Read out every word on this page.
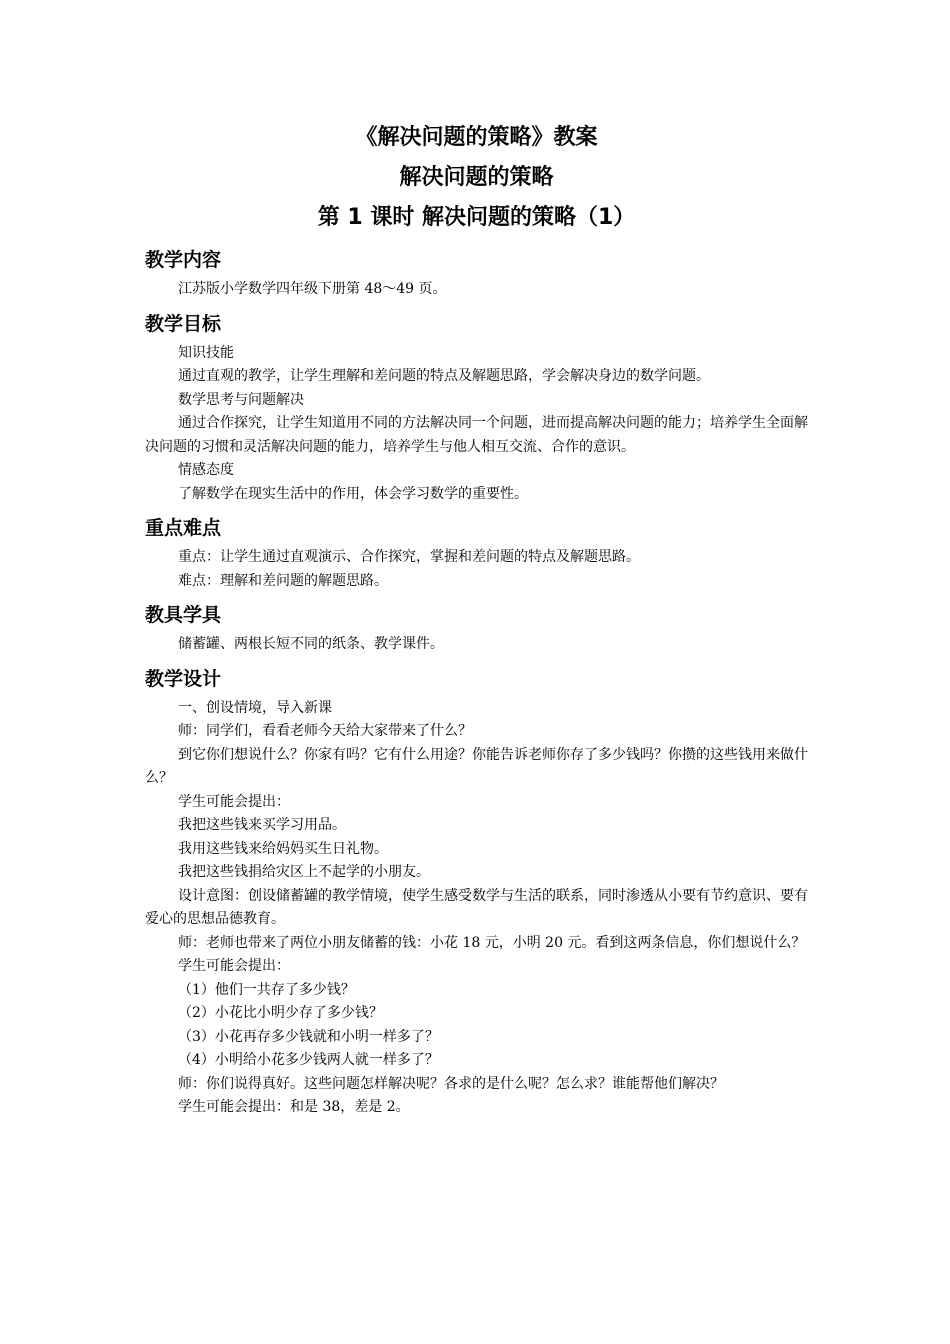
《解决问题的策略》教案
解决问题的策略
第 1 课时 解决问题的策略（1）
教学内容

江苏版小学数学四年级下册第 48～49 页。

教学目标

知识技能

通过直观的教学，让学生理解和差问题的特点及解题思路，学会解决身边的数学问题。

数学思考与问题解决

通过合作探究，让学生知道用不同的方法解决同一个问题，进而提高解决问题的能力；培养学生全面解决问题的习惯和灵活解决问题的能力，培养学生与他人相互交流、合作的意识。

情感态度

了解数学在现实生活中的作用，体会学习数学的重要性。

重点难点

重点：让学生通过直观演示、合作探究，掌握和差问题的特点及解题思路。

难点：理解和差问题的解题思路。

教具学具

储蓄罐、两根长短不同的纸条、教学课件。

教学设计

一、创设情境，导入新课

师：同学们，看看老师今天给大家带来了什么？

到它你们想说什么？你家有吗？它有什么用途？你能告诉老师你存了多少钱吗？你攒的这些钱用来做什么？

学生可能会提出：

我把这些钱来买学习用品。

我用这些钱来给妈妈买生日礼物。

我把这些钱捐给灾区上不起学的小朋友。

设计意图：创设储蓄罐的教学情境，使学生感受数学与生活的联系，同时渗透从小要有节约意识、要有爱心的思想品德教育。

师：老师也带来了两位小朋友储蓄的钱：小花 18 元，小明 20 元。看到这两条信息，你们想说什么？

学生可能会提出：

（1）他们一共存了多少钱？

（2）小花比小明少存了多少钱？

（3）小花再存多少钱就和小明一样多了？

（4）小明给小花多少钱两人就一样多了？

师：你们说得真好。这些问题怎样解决呢？各求的是什么呢？怎么求？谁能帮他们解决？

学生可能会提出：和是 38，差是 2。
